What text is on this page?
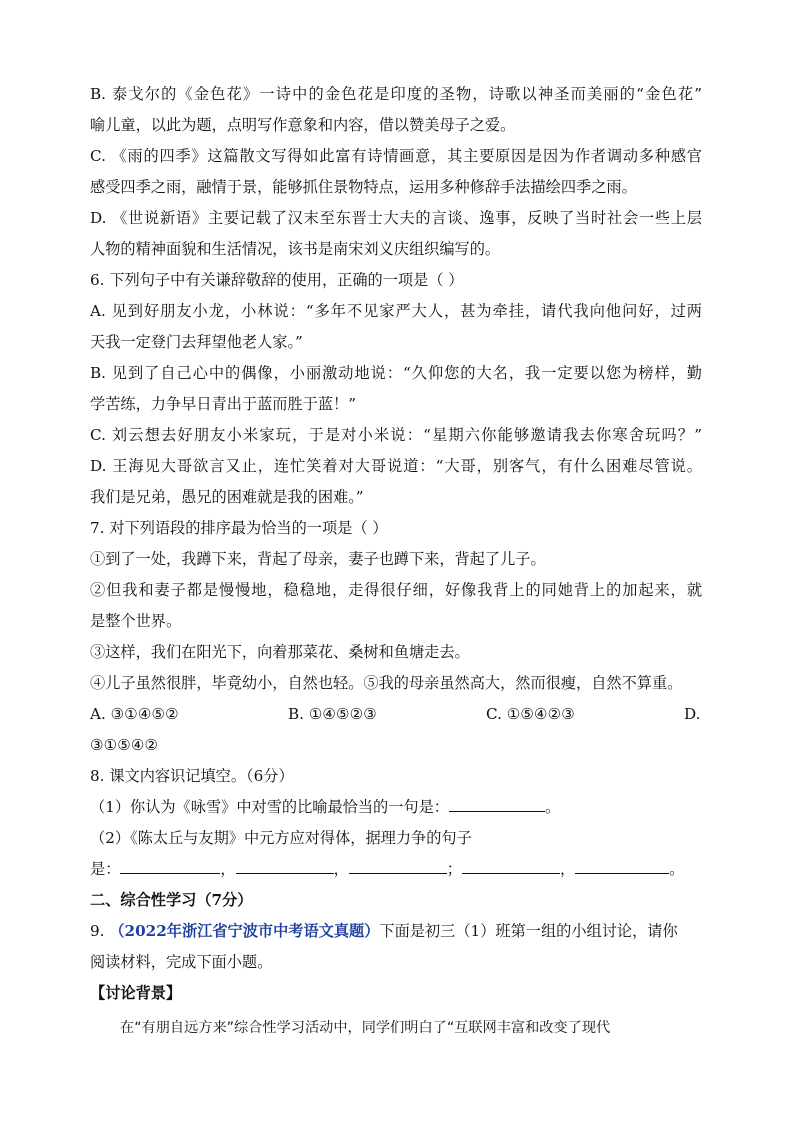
B. 泰戈尔的《金色花》一诗中的金色花是印度的圣物，诗歌以神圣而美丽的“金色花”
喻儿童，以此为题，点明写作意象和内容，借以赞美母子之爱。
C. 《雨的四季》这篇散文写得如此富有诗情画意，其主要原因是因为作者调动多种感官
感受四季之雨，融情于景，能够抓住景物特点，运用多种修辞手法描绘四季之雨。
D. 《世说新语》主要记载了汉末至东晋士大夫的言谈、逸事，反映了当时社会一些上层
人物的精神面貌和生活情况，该书是南宋刘义庆组织编写的。
6. 下列句子中有关谦辞敬辞的使用，正确的一项是（ ）
A. 见到好朋友小龙，小林说：“多年不见家严大人，甚为牵挂，请代我向他问好，过两
天我一定登门去拜望他老人家。”
B. 见到了自己心中的偶像，小丽激动地说：“久仰您的大名，我一定要以您为榜样，勤
学苦练，力争早日青出于蓝而胜于蓝！”
C. 刘云想去好朋友小米家玩，于是对小米说：“星期六你能够邀请我去你寒舍玩吗？”
D. 王海见大哥欲言又止，连忙笑着对大哥说道：“大哥，别客气，有什么困难尽管说。
我们是兄弟，愚兄的困难就是我的困难。”
7. 对下列语段的排序最为恰当的一项是（ ）
①到了一处，我蹲下来，背起了母亲，妻子也蹲下来，背起了儿子。
②但我和妻子都是慢慢地，稳稳地，走得很仔细，好像我背上的同她背上的加起来，就
是整个世界。
③这样，我们在阳光下，向着那菜花、桑树和鱼塘走去。
④儿子虽然很胖，毕竟幼小，自然也轻。⑤我的母亲虽然高大，然而很瘦，自然不算重。
A. ③①④⑤②	B. ①④⑤②③	C. ①⑤④②③	D.
③①⑤④②
8. 课文内容识记填空。（6分）
（1）你认为《咏雪》中对雪的比喻最恰当的一句是：	。
（2）《陈太丘与友期》中元方应对得体，据理力争的句子
是：	，	，	；	，	。
二、综合性学习（7分）
9. （2022年浙江省宁波市中考语文真题）下面是初三（1）班第一组的小组讨论，请你
阅读材料，完成下面小题。
【讨论背景】
在“有朋自远方来”综合性学习活动中，同学们明白了“互联网丰富和改变了现代
